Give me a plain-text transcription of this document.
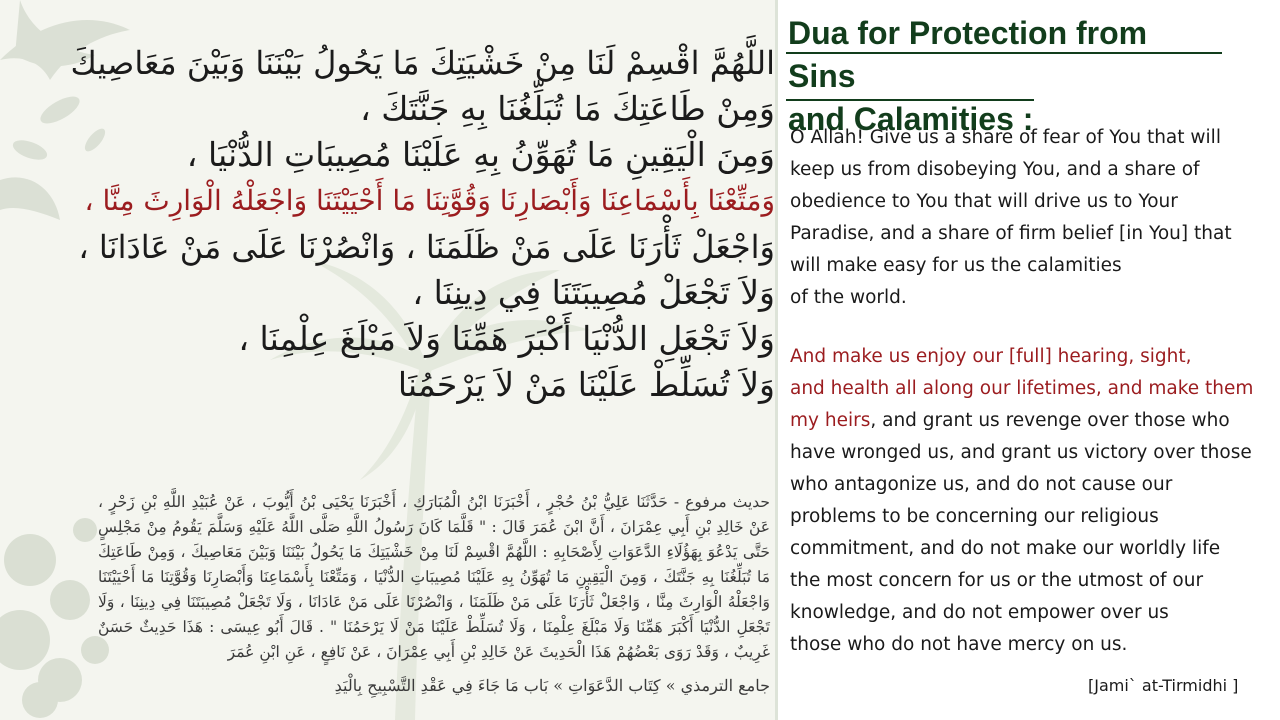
اللَّهُمَّ اقْسِمْ لَنَا مِنْ خَشْيَتِكَ مَا يَحُولُ بَيْنَنَا وَبَيْنَ مَعَاصِيكَ
وَمِنْ طَاعَتِكَ مَا تُبَلِّغُنَا بِهِ جَنَّتَكَ ،
وَمِنَ الْيَقِينِ مَا تُهَوِّنُ بِهِ عَلَيْنَا مُصِيبَاتِ الدُّنْيَا ،
وَمَتِّعْنَا بِأَسْمَاعِنَا وَأَبْصَارِنَا وَقُوَّتِنَا مَا أَحْيَيْتَنَا وَاجْعَلْهُ الْوَارِثَ مِنَّا ،
وَاجْعَلْ ثَأْرَنَا عَلَى مَنْ ظَلَمَنَا ، وَانْصُرْنَا عَلَى مَنْ عَادَانَا ،
وَلاَ تَجْعَلْ مُصِيبَتَنَا فِي دِينِنَا ،
وَلاَ تَجْعَلِ الدُّنْيَا أَكْبَرَ هَمِّنَا وَلاَ مَبْلَغَ عِلْمِنَا ،
وَلاَ تُسَلِّطْ عَلَيْنَا مَنْ لاَ يَرْحَمُنَا
حديث مرفوع - حَدَّثَنَا عَلِيُّ بْنُ حُجْرٍ ، أَخْبَرَنَا ابْنُ الْمُبَارَكِ ، أَخْبَرَنَا يَحْيَى بْنُ أَيُّوبَ ، عَنْ عُبَيْدِ اللَّهِ بْنِ زَحْرٍ ، عَنْ خَالِدِ بْنِ أَبِي عِمْرَانَ ، أَنَّ ابْنَ عُمَرَ قَالَ : " قَلَّمَا كَانَ رَسُولُ اللَّهِ صَلَّى اللَّهُ عَلَيْهِ وَسَلَّمَ يَقُومُ مِنْ مَجْلِسٍ حَتَّى يَدْعُوَ بِهَؤُلَاءِ الدَّعَوَاتِ لِأَصْحَابِهِ : اللَّهُمَّ اقْسِمْ لَنَا مِنْ خَشْيَتِكَ مَا يَحُولُ بَيْنَنَا وَبَيْنَ مَعَاصِيكَ ، وَمِنْ طَاعَتِكَ مَا تُبَلِّغُنَا بِهِ جَنَّتَكَ ، وَمِنَ الْيَقِينِ مَا تُهَوِّنُ بِهِ عَلَيْنَا مُصِيبَاتِ الدُّنْيَا ، وَمَتِّعْنَا بِأَسْمَاعِنَا وَأَبْصَارِنَا وَقُوَّتِنَا مَا أَحْيَيْتَنَا وَاجْعَلْهُ الْوَارِثَ مِنَّا ، وَاجْعَلْ ثَأْرَنَا عَلَى مَنْ ظَلَمَنَا ، وَانْصُرْنَا عَلَى مَنْ عَادَانَا ، وَلَا تَجْعَلْ مُصِيبَتَنَا فِي دِينِنَا ، وَلَا تَجْعَلِ الدُّنْيَا أَكْبَرَ هَمِّنَا وَلَا مَبْلَغَ عِلْمِنَا ، وَلَا تُسَلِّطْ عَلَيْنَا مَنْ لَا يَرْحَمُنَا " . قَالَ أَبُو عِيسَى : هَذَا حَدِيثٌ حَسَنٌ غَرِيبٌ ، وَقَدْ رَوَى بَعْضُهُمْ هَذَا الْحَدِيثَ عَنْ خَالِدِ بْنِ أَبِي عِمْرَانَ ، عَنْ نَافِعٍ ، عَنِ ابْنِ عُمَرَ
جامع الترمذي » كِتَاب الدَّعَوَاتِ » بَاب مَا جَاءَ فِي عَقْدِ التَّسْبِيحِ بِالْيَدِ
Dua for Protection from Sins
and Calamities :
O Allah! Give us a share of fear of You that will
keep us from disobeying You, and a share of
obedience to You that will drive us to Your
Paradise, and a share of firm belief [in You] that
will make easy for us the calamities
of the world.
And make us enjoy our [full] hearing, sight,
and health all along our lifetimes, and make them
my heirs, and grant us revenge over those who
have wronged us, and grant us victory over those
who antagonize us, and do not cause our
problems to be concerning our religious
commitment, and do not make our worldly life
the most concern for us or the utmost of our
knowledge, and do not empower over us
those who do not have mercy on us.
[Jami` at-Tirmidhi ]
